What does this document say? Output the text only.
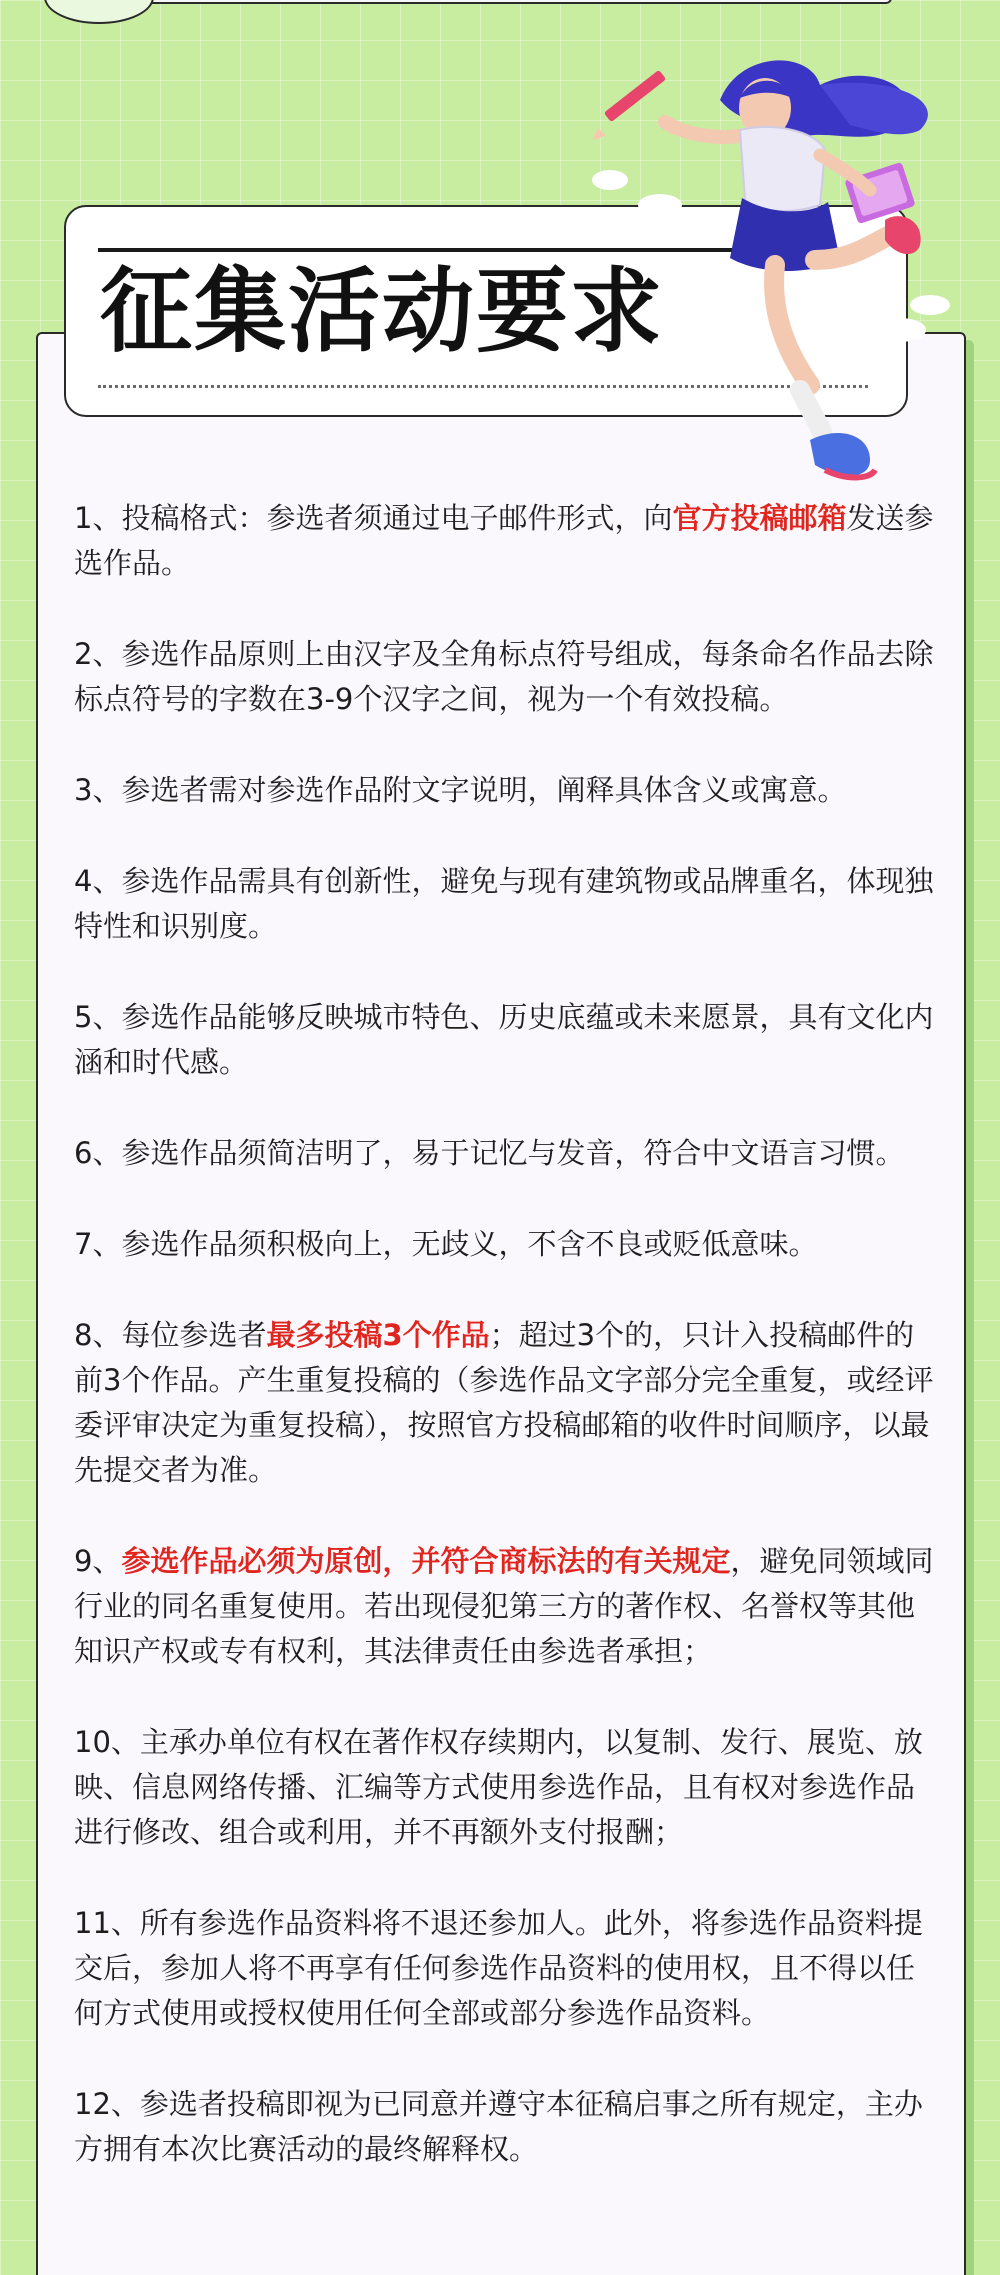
征集活动要求

1、投稿格式：参选者须通过电子邮件形式，向官方投稿邮箱发送参选作品。

2、参选作品原则上由汉字及全角标点符号组成，每条命名作品去除标点符号的字数在3-9个汉字之间，视为一个有效投稿。

3、参选者需对参选作品附文字说明，阐释具体含义或寓意。

4、参选作品需具有创新性，避免与现有建筑物或品牌重名，体现独特性和识别度。

5、参选作品能够反映城市特色、历史底蕴或未来愿景，具有文化内涵和时代感。

6、参选作品须简洁明了，易于记忆与发音，符合中文语言习惯。

7、参选作品须积极向上，无歧义，不含不良或贬低意味。

8、每位参选者最多投稿3个作品；超过3个的，只计入投稿邮件的前3个作品。产生重复投稿的（参选作品文字部分完全重复，或经评委评审决定为重复投稿），按照官方投稿邮箱的收件时间顺序，以最先提交者为准。

9、参选作品必须为原创，并符合商标法的有关规定，避免同领域同行业的同名重复使用。若出现侵犯第三方的著作权、名誉权等其他知识产权或专有权利，其法律责任由参选者承担；

10、主承办单位有权在著作权存续期内，以复制、发行、展览、放映、信息网络传播、汇编等方式使用参选作品，且有权对参选作品进行修改、组合或利用，并不再额外支付报酬；

11、所有参选作品资料将不退还参加人。此外，将参选作品资料提交后，参加人将不再享有任何参选作品资料的使用权，且不得以任何方式使用或授权使用任何全部或部分参选作品资料。

12、参选者投稿即视为已同意并遵守本征稿启事之所有规定，主办方拥有本次比赛活动的最终解释权。
